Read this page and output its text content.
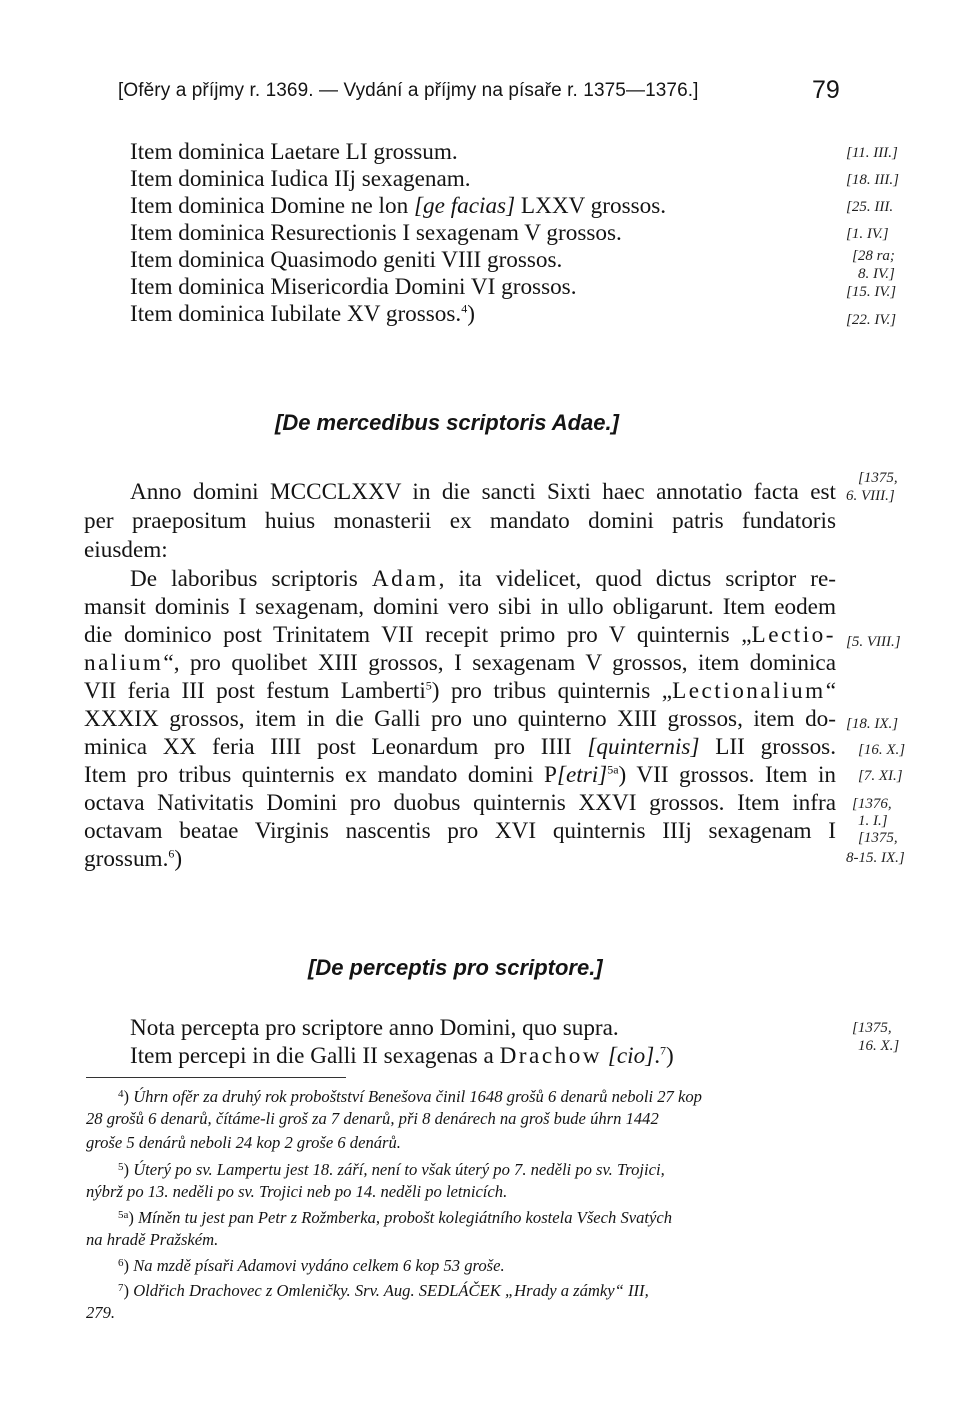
[Ofěry a příjmy r. 1369. — Vydání a příjmy na písaře r. 1375—1376.]	79
Item dominica Laetare LI grossum.
Item dominica Iudica IIj sexagenam.
Item dominica Domine ne lon [ge facias] LXXV grossos.
Item dominica Resurectionis I sexagenam V grossos.
Item dominica Quasimodo geniti VIII grossos.
Item dominica Misericordia Domini VI grossos.
Item dominica Iubilate XV grossos.$^4$)
[11. III.]
[18. III.]
[25. III.
[1. IV.]
[28 ra;
8. IV.]
[15. IV.]
[22. IV.]
[De mercedibus scriptoris Adae.]
Anno domini MCCCLXXV in die sancti Sixti haec annotatio facta est
per praepositum huius monasterii ex mandato domini patris fundatoris
eiusdem:
De laboribus scriptoris Adam, ita videlicet, quod dictus scriptor re-
mansit dominis I sexagenam, domini vero sibi in ullo obligarunt. Item eodem
die dominico post Trinitatem VII recepit primo pro V quinternis „Lectio-
nalium“, pro quolibet XIII grossos, I sexagenam V grossos, item dominica
VII feria III post festum Lamberti$^5$) pro tribus quinternis „Lectionalium“
XXXIX grossos, item in die Galli pro uno quinterno XIII grossos, item do-
minica XX feria IIII post Leonardum pro IIII [quinternis] LII grossos.
Item pro tribus quinternis ex mandato domini P[etri]$^{5a}$) VII grossos. Item in
octava Nativitatis Domini pro duobus quinternis XXVI grossos. Item infra
octavam beatae Virginis nascentis pro XVI quinternis IIIj sexagenam I
grossum.$^6$)
[1375,
6. VIII.]
[5. VIII.]
[18. IX.]
[16. X.]
[7. XI.]
[1376,
1. I.]
[1375,
8-15. IX.]
[De perceptis pro scriptore.]
Nota percepta pro scriptore anno Domini, quo supra.
Item percepi in die Galli II sexagenas a Drachow [cio].$^7$)
[1375,
16. X.]
$^4$) Úhrn ofěr za druhý rok proboštství Benešova činil 1648 grošů 6 denarů neboli 27 kop
28 grošů 6 denarů, čítáme-li groš za 7 denarů, při 8 denárech na groš bude úhrn 1442
groše 5 denárů neboli 24 kop 2 groše 6 denárů.
$^5$) Úterý po sv. Lampertu jest 18. září, není to však úterý po 7. neděli po sv. Trojici,
nýbrž po 13. neděli po sv. Trojici neb po 14. neděli po letnicích.
$^{5a}$) Míněn tu jest pan Petr z Rožmberka, probošt kolegiátního kostela Všech Svatých
na hradě Pražském.
$^6$) Na mzdě písaři Adamovi vydáno celkem 6 kop 53 groše.
$^7$) Oldřich Drachovec z Omleničky. Srv. Aug. SEDLÁČEK „Hrady a zámky“ III,
279.
